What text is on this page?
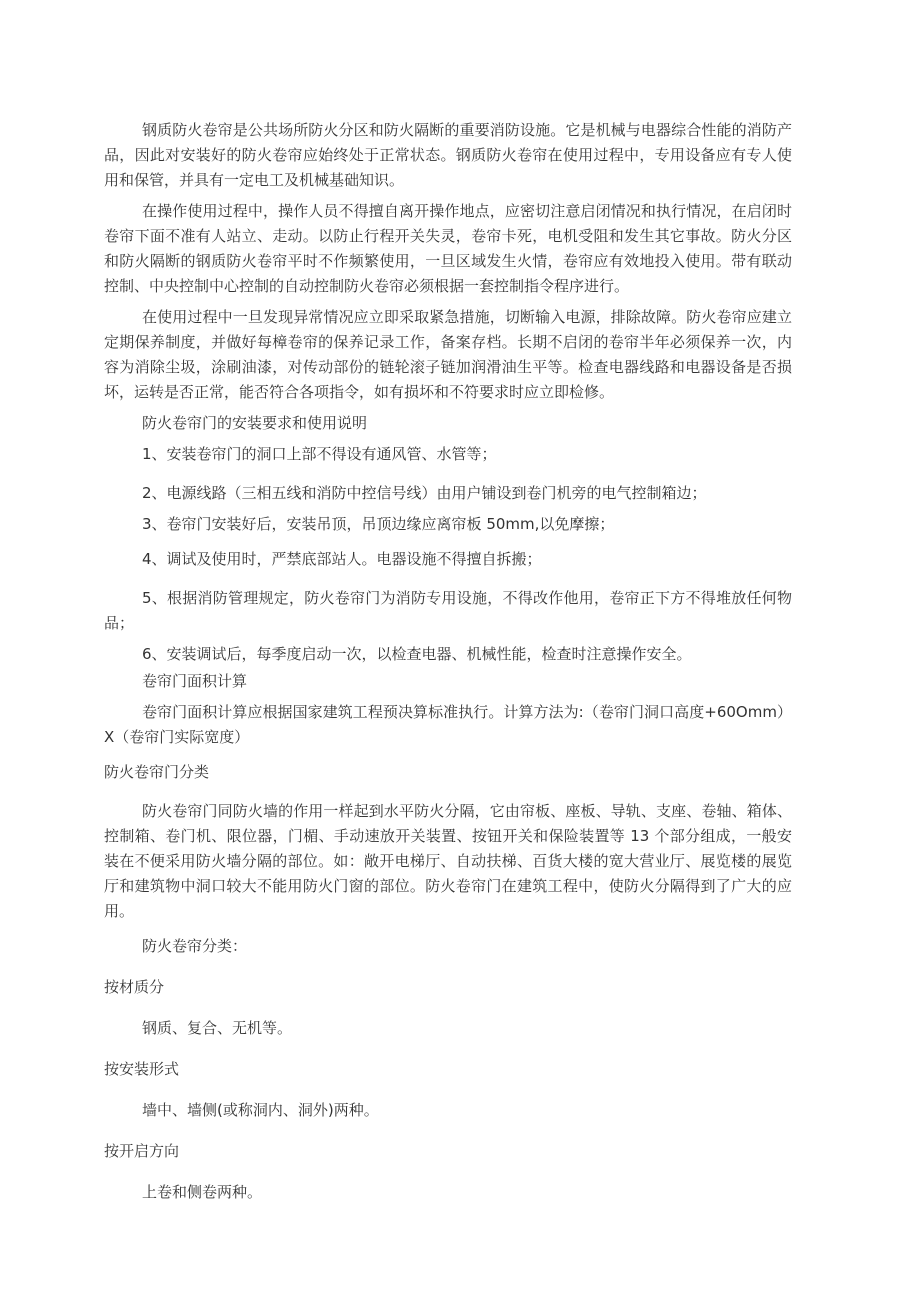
钢质防火卷帘是公共场所防火分区和防火隔断的重要消防设施。它是机械与电器综合性能的消防产品，因此对安装好的防火卷帘应始终处于正常状态。钢质防火卷帘在使用过程中，专用设备应有专人使用和保管，并具有一定电工及机械基础知识。

在操作使用过程中，操作人员不得擅自离开操作地点，应密切注意启闭情况和执行情况，在启闭时卷帘下面不准有人站立、走动。以防止行程开关失灵，卷帘卡死，电机受阻和发生其它事故。防火分区和防火隔断的钢质防火卷帘平时不作频繁使用，一旦区域发生火情，卷帘应有效地投入使用。带有联动控制、中央控制中心控制的自动控制防火卷帘必须根据一套控制指令程序进行。

在使用过程中一旦发现异常情况应立即采取紧急措施，切断输入电源，排除故障。防火卷帘应建立定期保养制度，并做好每樟卷帘的保养记录工作，备案存档。长期不启闭的卷帘半年必须保养一次，内容为消除尘圾，涂刷油漆，对传动部份的链轮滚子链加润滑油生平等。检查电器线路和电器设备是否损坏，运转是否正常，能否符合各项指令，如有损坏和不符要求时应立即检修。

防火卷帘门的安装要求和使用说明

1、安装卷帘门的洞口上部不得设有通风管、水管等；

2、电源线路（三相五线和消防中控信号线）由用户铺设到卷门机旁的电气控制箱边；

3、卷帘门安装好后，安装吊顶，吊顶边缘应离帘板 50mm,以免摩擦；

4、调试及使用时，严禁底部站人。电器设施不得擅自拆搬；

5、根据消防管理规定，防火卷帘门为消防专用设施，不得改作他用，卷帘正下方不得堆放任何物品；

6、安装调试后，每季度启动一次，以检查电器、机械性能，检查时注意操作安全。

卷帘门面积计算

卷帘门面积计算应根据国家建筑工程预决算标准执行。计算方法为:（卷帘门洞口高度+60Omm）X（卷帘门实际宽度）

防火卷帘门分类

防火卷帘门同防火墙的作用一样起到水平防火分隔，它由帘板、座板、导轨、支座、卷轴、箱体、控制箱、卷门机、限位器，门楣、手动速放开关装置、按钮开关和保险装置等 13 个部分组成，一般安装在不便采用防火墙分隔的部位。如：敞开电梯厅、自动扶梯、百货大楼的宽大营业厅、展览楼的展览厅和建筑物中洞口较大不能用防火门窗的部位。防火卷帘门在建筑工程中，使防火分隔得到了广大的应用。

防火卷帘分类：

按材质分

钢质、复合、无机等。

按安装形式

墙中、墙侧(或称洞内、洞外)两种。

按开启方向

上卷和侧卷两种。
